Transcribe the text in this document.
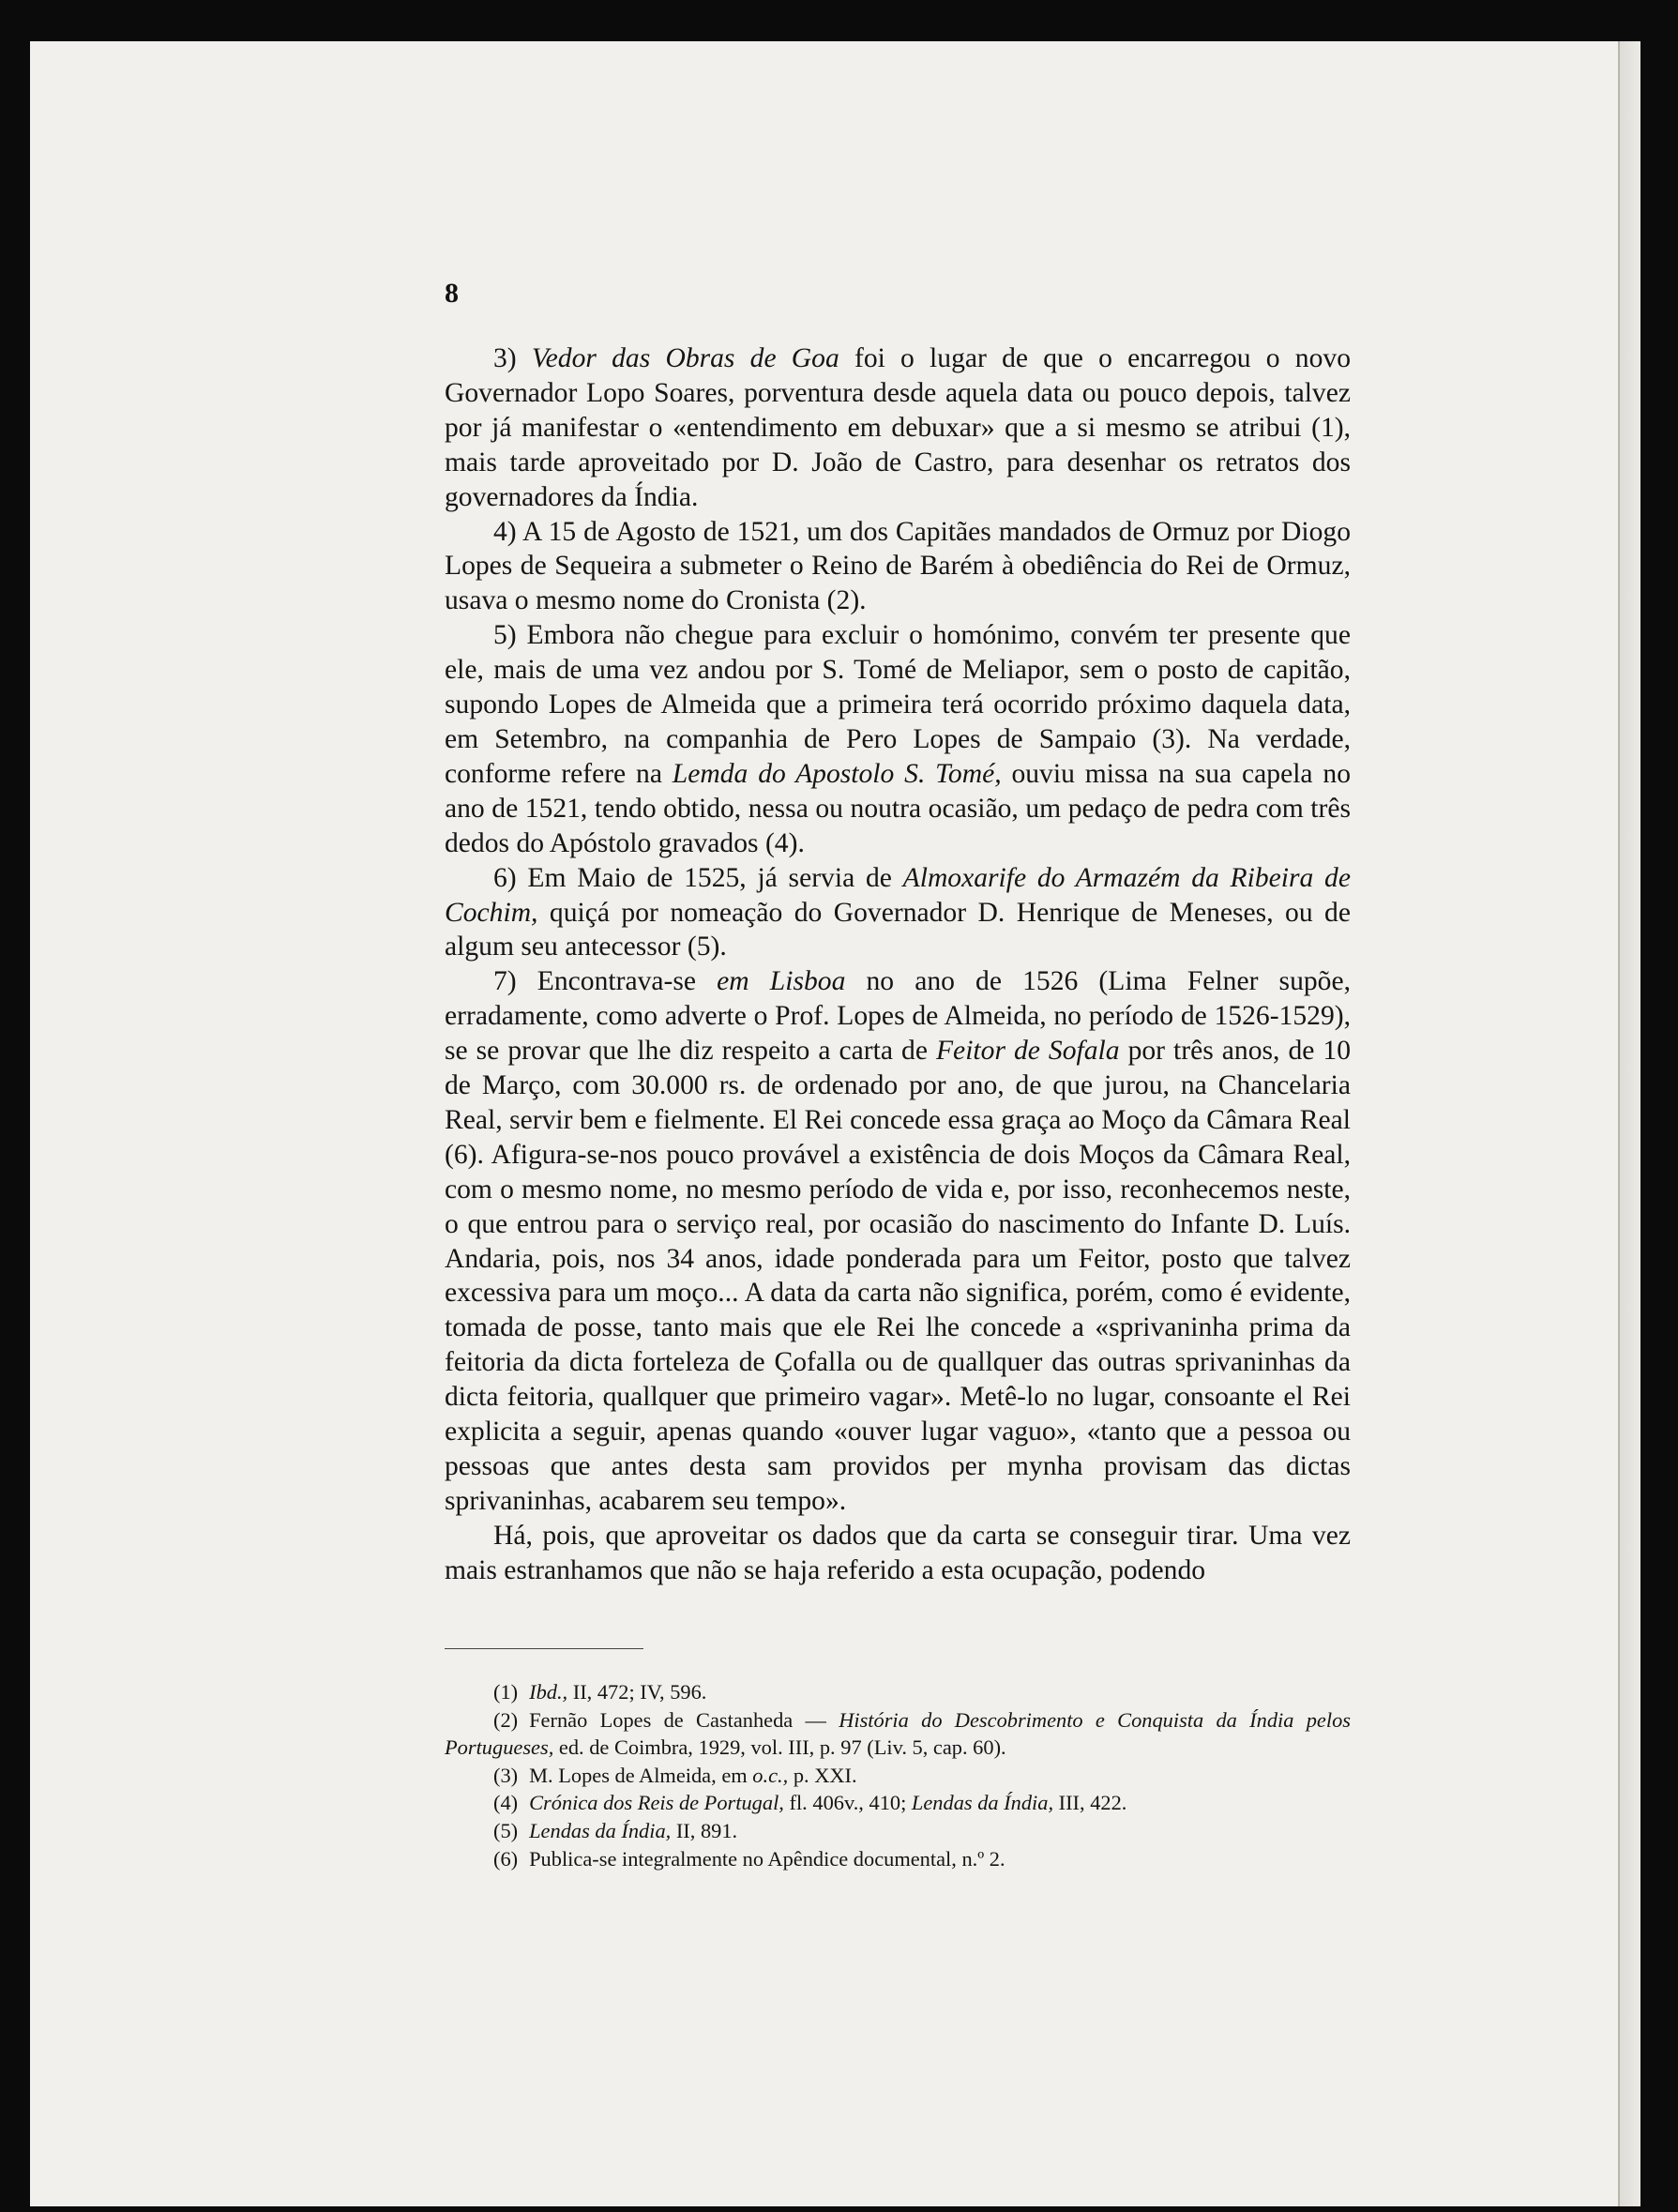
8

3) Vedor das Obras de Goa foi o lugar de que o encarregou o novo Governador Lopo Soares, porventura desde aquela data ou pouco depois, talvez por já manifestar o «entendimento em debuxar» que a si mesmo se atribui (1), mais tarde aproveitado por D. João de Castro, para desenhar os retratos dos governadores da Índia.

4) A 15 de Agosto de 1521, um dos Capitães mandados de Ormuz por Diogo Lopes de Sequeira a submeter o Reino de Barém à obediência do Rei de Ormuz, usava o mesmo nome do Cronista (2).

5) Embora não chegue para excluir o homónimo, convém ter presente que ele, mais de uma vez andou por S. Tomé de Meliapor, sem o posto de capitão, supondo Lopes de Almeida que a primeira terá ocorrido próximo daquela data, em Setembro, na companhia de Pero Lopes de Sampaio (3). Na verdade, conforme refere na Lemda do Apostolo S. Tomé, ouviu missa na sua capela no ano de 1521, tendo obtido, nessa ou noutra ocasião, um pedaço de pedra com três dedos do Apóstolo gravados (4).

6) Em Maio de 1525, já servia de Almoxarife do Armazém da Ribeira de Cochim, quiçá por nomeação do Governador D. Henrique de Meneses, ou de algum seu antecessor (5).

7) Encontrava-se em Lisboa no ano de 1526 (Lima Felner supõe, erradamente, como adverte o Prof. Lopes de Almeida, no período de 1526-1529), se se provar que lhe diz respeito a carta de Feitor de Sofala por três anos, de 10 de Março, com 30.000 rs. de ordenado por ano, de que jurou, na Chancelaria Real, servir bem e fielmente. El Rei concede essa graça ao Moço da Câmara Real (6). Afigura-se-nos pouco provável a existência de dois Moços da Câmara Real, com o mesmo nome, no mesmo período de vida e, por isso, reconhecemos neste, o que entrou para o serviço real, por ocasião do nascimento do Infante D. Luís. Andaria, pois, nos 34 anos, idade ponderada para um Feitor, posto que talvez excessiva para um moço... A data da carta não significa, porém, como é evidente, tomada de posse, tanto mais que ele Rei lhe concede a «sprivaninha prima da feitoria da dicta forteleza de Çofalla ou de quallquer das outras sprivaninhas da dicta feitoria, quallquer que primeiro vagar». Metê-lo no lugar, consoante el Rei explicita a seguir, apenas quando «ouver lugar vaguo», «tanto que a pessoa ou pessoas que antes desta sam providos per mynha provisam das dictas sprivaninhas, acabarem seu tempo».

Há, pois, que aproveitar os dados que da carta se conseguir tirar. Uma vez mais estranhamos que não se haja referido a esta ocupação, podendo

(1) Ibd., II, 472; IV, 596.

(2) Fernão Lopes de Castanheda — História do Descobrimento e Conquista da Índia pelos Portugueses, ed. de Coimbra, 1929, vol. III, p. 97 (Liv. 5, cap. 60).

(3) M. Lopes de Almeida, em o.c., p. XXI.

(4) Crónica dos Reis de Portugal, fl. 406v., 410; Lendas da Índia, III, 422.

(5) Lendas da Índia, II, 891.

(6) Publica-se integralmente no Apêndice documental, n.º 2.
